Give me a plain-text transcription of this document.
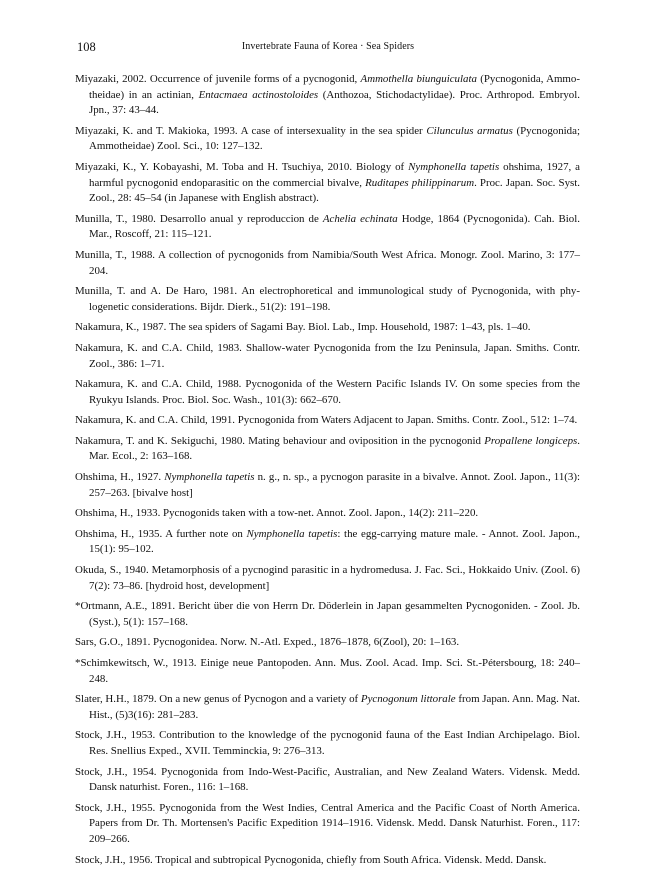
108	Invertebrate Fauna of Korea · Sea Spiders
Miyazaki, 2002. Occurrence of juvenile forms of a pycnogonid, Ammothella biunguiculata (Pycnogonida, Ammotheidae) in an actinian, Entacmaea actinostoloides (Anthozoa, Stichodactylidae). Proc. Arthropod. Embryol. Jpn., 37: 43–44.
Miyazaki, K. and T. Makioka, 1993. A case of intersexuality in the sea spider Cilunculus armatus (Pycnogonida; Ammotheidae) Zool. Sci., 10: 127–132.
Miyazaki, K., Y. Kobayashi, M. Toba and H. Tsuchiya, 2010. Biology of Nymphonella tapetis ohshima, 1927, a harmful pycnogonid endoparasitic on the commercial bivalve, Ruditapes philippinarum. Proc. Japan. Soc. Syst. Zool., 28: 45–54 (in Japanese with English abstract).
Munilla, T., 1980. Desarrollo anual y reproduccion de Achelia echinata Hodge, 1864 (Pycnogonida). Cah. Biol. Mar., Roscoff, 21: 115–121.
Munilla, T., 1988. A collection of pycnogonids from Namibia/South West Africa. Monogr. Zool. Marino, 3: 177–204.
Munilla, T. and A. De Haro, 1981. An electrophoretical and immunological study of Pycnogonida, with phylogenetic considerations. Bijdr. Dierk., 51(2): 191–198.
Nakamura, K., 1987. The sea spiders of Sagami Bay. Biol. Lab., Imp. Household, 1987: 1–43, pls. 1–40.
Nakamura, K. and C.A. Child, 1983. Shallow-water Pycnogonida from the Izu Peninsula, Japan. Smiths. Contr. Zool., 386: 1–71.
Nakamura, K. and C.A. Child, 1988. Pycnogonida of the Western Pacific Islands IV. On some species from the Ryukyu Islands. Proc. Biol. Soc. Wash., 101(3): 662–670.
Nakamura, K. and C.A. Child, 1991. Pycnogonida from Waters Adjacent to Japan. Smiths. Contr. Zool., 512: 1–74.
Nakamura, T. and K. Sekiguchi, 1980. Mating behaviour and oviposition in the pycnogonid Propallene longiceps. Mar. Ecol., 2: 163–168.
Ohshima, H., 1927. Nymphonella tapetis n. g., n. sp., a pycnogon parasite in a bivalve. Annot. Zool. Japon., 11(3): 257–263. [bivalve host]
Ohshima, H., 1933. Pycnogonids taken with a tow-net. Annot. Zool. Japon., 14(2): 211–220.
Ohshima, H., 1935. A further note on Nymphonella tapetis: the egg-carrying mature male. - Annot. Zool. Japon., 15(1): 95–102.
Okuda, S., 1940. Metamorphosis of a pycnogind parasitic in a hydromedusa. J. Fac. Sci., Hokkaido Univ. (Zool. 6) 7(2): 73–86. [hydroid host, development]
*Ortmann, A.E., 1891. Bericht über die von Herrn Dr. Döderlein in Japan gesammelten Pycnogoniden. - Zool. Jb. (Syst.), 5(1): 157–168.
Sars, G.O., 1891. Pycnogonidea. Norw. N.-Atl. Exped., 1876–1878, 6(Zool), 20: 1–163.
*Schimkewitsch, W., 1913. Einige neue Pantopoden. Ann. Mus. Zool. Acad. Imp. Sci. St.-Pétersbourg, 18: 240–248.
Slater, H.H., 1879. On a new genus of Pycnogon and a variety of Pycnogonum littorale from Japan. Ann. Mag. Nat. Hist., (5)3(16): 281–283.
Stock, J.H., 1953. Contribution to the knowledge of the pycnogonid fauna of the East Indian Archipelago. Biol. Res. Snellius Exped., XVII. Temminckia, 9: 276–313.
Stock, J.H., 1954. Pycnogonida from Indo-West-Pacific, Australian, and New Zealand Waters. Vidensk. Medd. Dansk naturhist. Foren., 116: 1–168.
Stock, J.H., 1955. Pycnogonida from the West Indies, Central America and the Pacific Coast of North America. Papers from Dr. Th. Mortensen's Pacific Expedition 1914–1916. Vidensk. Medd. Dansk Naturhist. Foren., 117: 209–266.
Stock, J.H., 1956. Tropical and subtropical Pycnogonida, chiefly from South Africa. Vidensk. Medd. Dansk.
